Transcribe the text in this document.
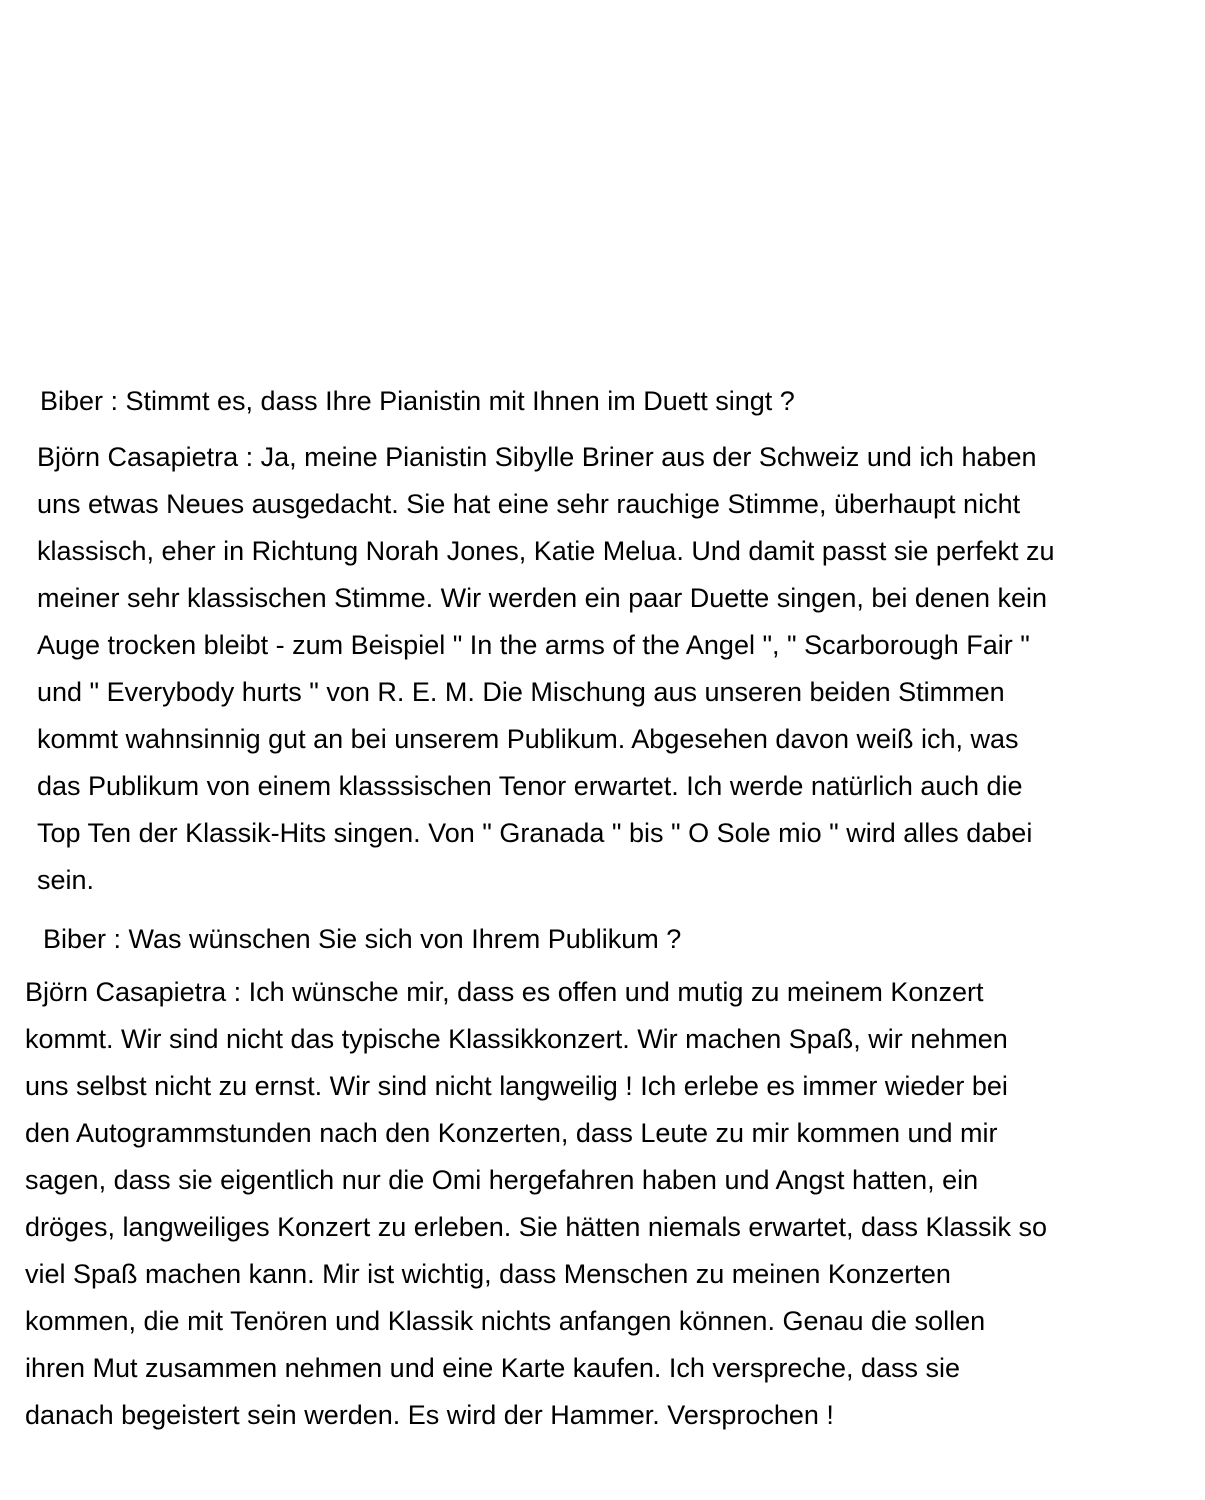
Biber : Stimmt es, dass Ihre Pianistin mit Ihnen im Duett singt ?
Björn Casapietra : Ja, meine Pianistin Sibylle Briner aus der Schweiz und ich haben
uns etwas Neues ausgedacht. Sie hat eine sehr rauchige Stimme, überhaupt nicht
klassisch, eher in Richtung Norah Jones, Katie Melua. Und damit passt sie perfekt zu
meiner sehr klassischen Stimme. Wir werden ein paar Duette singen, bei denen kein
Auge trocken bleibt - zum Beispiel " In the arms of the Angel ", " Scarborough Fair "
und " Everybody hurts " von R. E. M. Die Mischung aus unseren beiden Stimmen
kommt wahnsinnig gut an bei unserem Publikum. Abgesehen davon weiß ich, was
das Publikum von einem klasssischen Tenor erwartet. Ich werde natürlich auch die
Top Ten der Klassik-Hits singen. Von " Granada " bis " O Sole mio " wird alles dabei
sein.
Biber : Was wünschen Sie sich von Ihrem Publikum ?
Björn Casapietra : Ich wünsche mir, dass es offen und mutig zu meinem Konzert
kommt. Wir sind nicht das typische Klassikkonzert. Wir machen Spaß, wir nehmen
uns selbst nicht zu ernst. Wir sind nicht langweilig ! Ich erlebe es immer wieder bei
den Autogrammstunden nach den Konzerten, dass Leute zu mir kommen und mir
sagen, dass sie eigentlich nur die Omi hergefahren haben und Angst hatten, ein
dröges, langweiliges Konzert zu erleben. Sie hätten niemals erwartet, dass Klassik so
viel Spaß machen kann. Mir ist wichtig, dass Menschen zu meinen Konzerten
kommen, die mit Tenören und Klassik nichts anfangen können. Genau die sollen
ihren Mut zusammen nehmen und eine Karte kaufen. Ich verspreche, dass sie
danach begeistert sein werden. Es wird der Hammer. Versprochen !
